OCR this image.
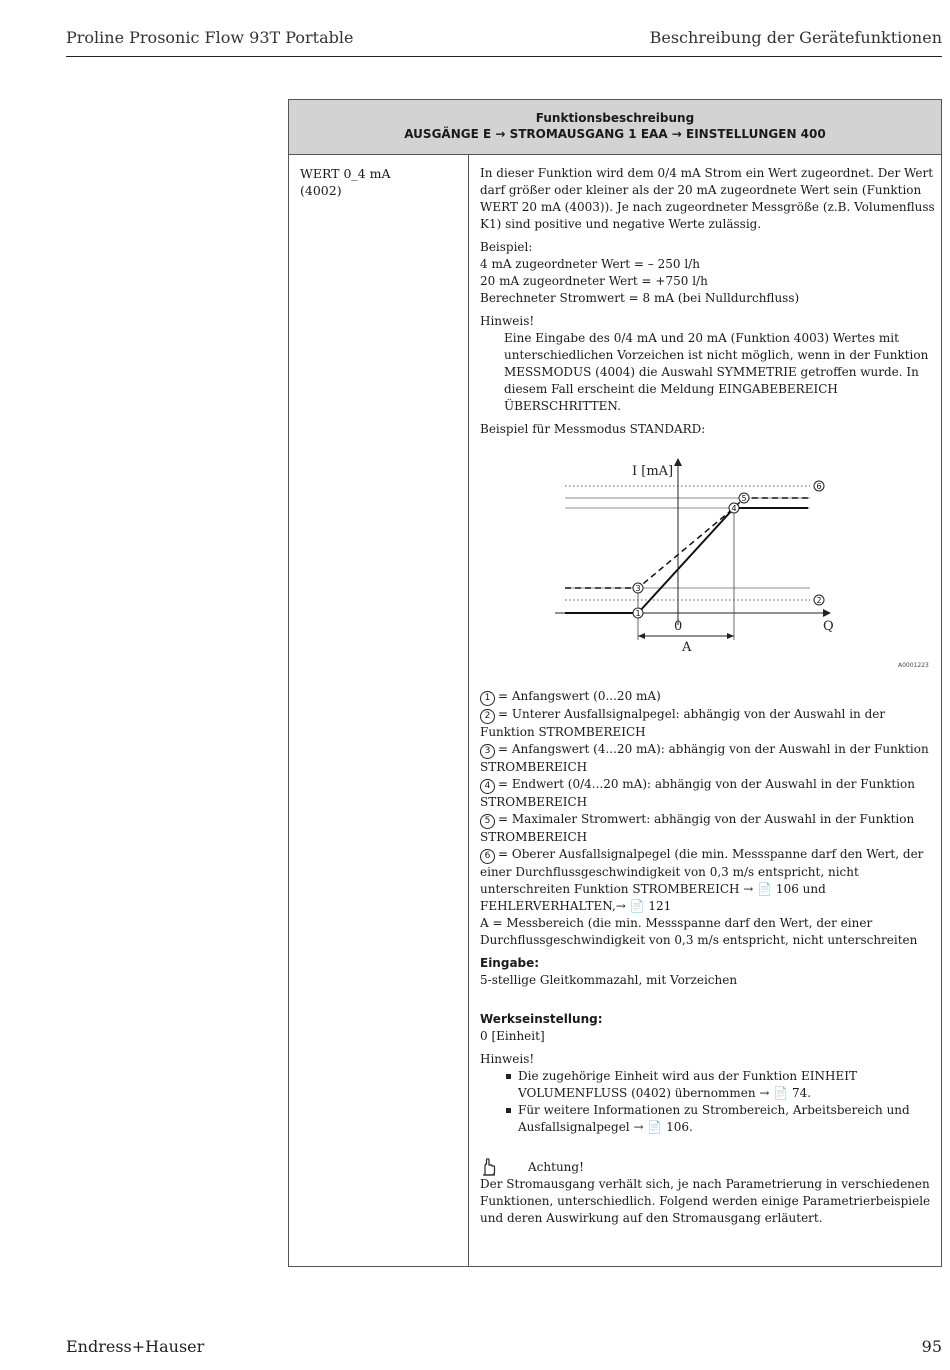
Proline Prosonic Flow 93T Portable	Beschreibung der Gerätefunktionen
Funktionsbeschreibung
AUSGÄNGE E → STROMAUSGANG 1 EAA → EINSTELLUNGEN 400
WERT 0_4 mA
(4002)

In dieser Funktion wird dem 0/4 mA Strom ein Wert zugeordnet. Der Wert darf größer oder kleiner als der 20 mA zugeordnete Wert sein (Funktion WERT 20 mA (4003)). Je nach zugeordneter Messgröße (z.B. Volumenfluss K1) sind positive und negative Werte zulässig.

Beispiel:

4 mA zugeordneter Wert = – 250 l/h

20 mA zugeordneter Wert = +750 l/h

Berechneter Stromwert = 8 mA (bei Nulldurchfluss)

Hinweis!

Eine Eingabe des 0/4 mA und 20 mA (Funktion 4003) Wertes mit unterschiedlichen Vorzeichen ist nicht möglich, wenn in der Funktion MESSMODUS (4004) die Auswahl SYMMETRIE getroffen wurde. In diesem Fall erscheint die Meldung EINGABEBEREICH ÜBERSCHRITTEN.

Beispiel für Messmodus STANDARD:

1 = Anfangswert (0...20 mA)

2 = Unterer Ausfallsignalpegel: abhängig von der Auswahl in der Funktion STROMBEREICH

3 = Anfangswert (4...20 mA): abhängig von der Auswahl in der Funktion STROMBEREICH

4 = Endwert (0/4...20 mA): abhängig von der Auswahl in der Funktion STROMBEREICH

5 = Maximaler Stromwert: abhängig von der Auswahl in der Funktion STROMBEREICH

6 = Oberer Ausfallsignalpegel (die min. Messspanne darf den Wert, der einer Durchflussgeschwindigkeit von 0,3 m/s entspricht, nicht unterschreiten Funktion STROMBEREICH → 📄 106 und FEHLERVERHALTEN,→ 📄 121

A = Messbereich (die min. Messspanne darf den Wert, der einer Durchflussgeschwindigkeit von 0,3 m/s entspricht, nicht unterschreiten

Eingabe:

5-stellige Gleitkommazahl, mit Vorzeichen

Werkseinstellung:

0 [Einheit]

Hinweis!

Die zugehörige Einheit wird aus der Funktion EINHEIT VOLUMENFLUSS (0402) übernommen → 📄 74.
Für weitere Informationen zu Strombereich, Arbeitsbereich und Ausfallsignalpegel → 📄 106.
Achtung!

Der Stromausgang verhält sich, je nach Parametrierung in verschiedenen Funktionen, unterschiedlich. Folgend werden einige Parametrierbeispiele und deren Auswirkung auf den Stromausgang erläutert.

1
2
3
4
5
6
I [mA]
Q
0
A
A0001223
Endress+Hauser	95
